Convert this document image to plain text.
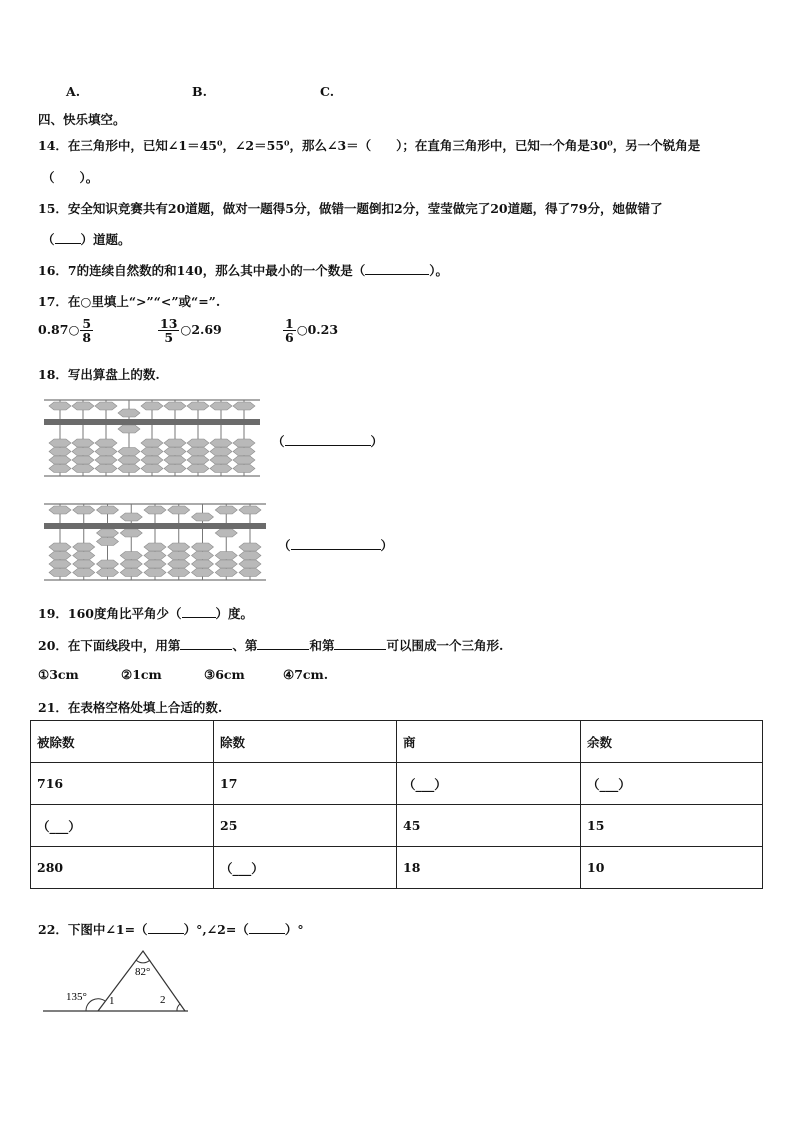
A.	B.	C.
四、快乐填空。
14．在三角形中，已知∠1＝45⁰，∠2＝55⁰，那么∠3＝（　　）；在直角三角形中，已知一个角是30⁰，另一个锐角是
（　　）。
15．安全知识竞赛共有20道题，做对一题得5分，做错一题倒扣2分，莹莹做完了20道题，得了79分，她做错了
（ ）道题。
16．7的连续自然数的和140，那么其中最小的一个数是（	）。
17．在○里填上“>”“<”或“=”.
0.87○ $\frac{5}{8}$	$\frac{13}{5}$ ○2.69	$\frac{1}{6}$ ○0.23
18．写出算盘上的数.
（	）
（	）
19．160度角比平角少（	）度。
20．在下面线段中，用第	、第	和第	可以围成一个三角形.
①3cm	②1cm	③6cm	④7cm.
21．在表格空格处填上合适的数.
被除数	除数	商	余数
716	17	（___）	（___）
（___）	25	45	15
280	（___）	18	10
22．下图中∠1=（	）°,∠2=（	）°
135°
82°
1	2
